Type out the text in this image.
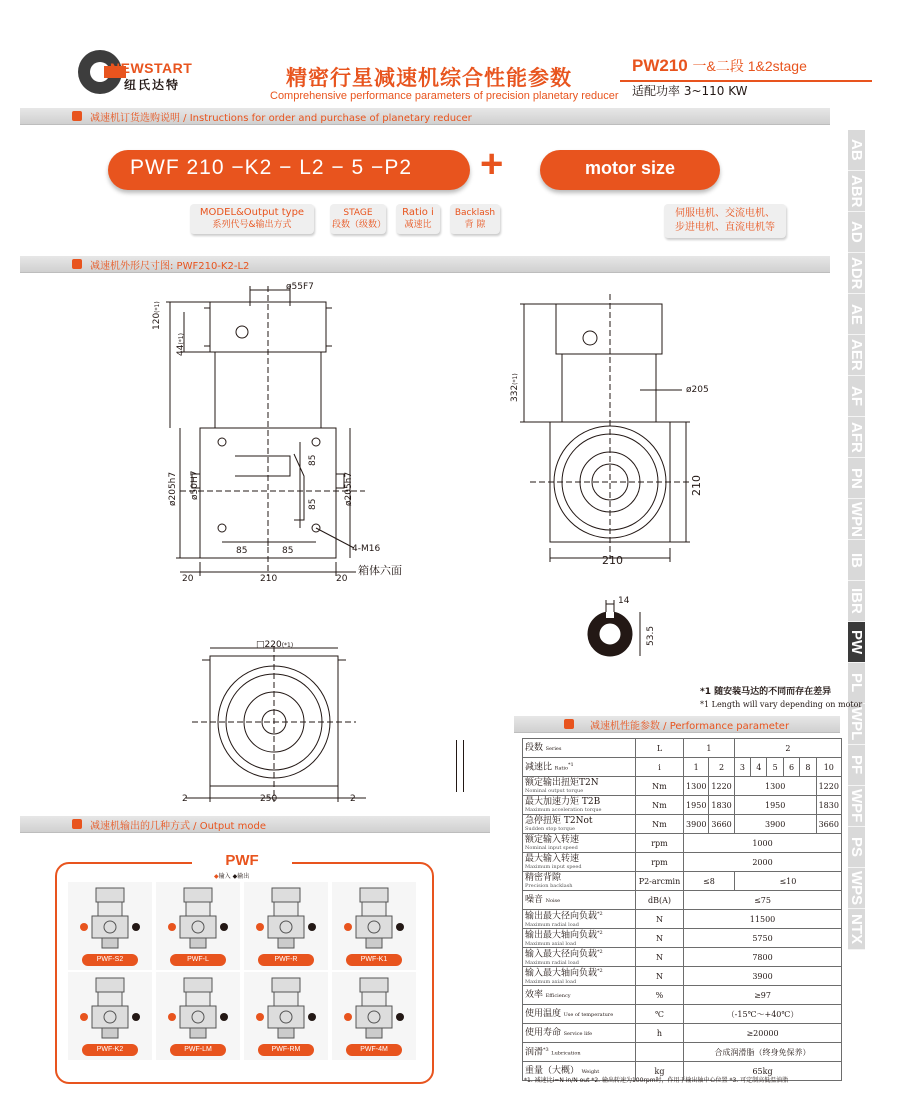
NEWSTART
纽氏达特	精密行星减速机综合性能参数
Comprehensive performance parameters of precision planetary reducer
PW210 一&二段 1&2stage
适配功率 3~110 KW
AB
ABR
AD
ADR
AE
AER
AF
AFR
PN
WPN
IB
IBR
PW
PL
WPL
PF
WPF
PS
WPS
NTX
减速机订货选购说明 / Instructions for order and purchase of planetary reducer
PWF 210 −K2 − L2 − 5 −P2 +	motor size
MODEL&Output type
系列代号&输出方式
STAGE
段数（级数）
Ratio i
减速比
Backlash
背 隙
伺服电机、交流电机、
步进电机、直流电机等
减速机外形尺寸图: PWF210-K2-L2
ø55F7
120(*1)
44(*1)
ø205h7 ø50H7	ø205h7
85
85
85	85	4-M16
箱体六面
20	210	20
332(*1)
ø205
210
210
14
53.5
□220(*1)
2	250	2
*1 随安装马达的不同而存在差异
*1 Length will vary depending on motor
减速机性能参数 / Performance parameter
段数 Series	L	1		2					
减速比 Ratio$^{*1}$	i	1	2	3	4	5	6	8	10
额定输出扭矩T2N
Nominal output torque	Nm	1300	1220	1300					1220
最大加速力矩 T2B
Maximum acceleration torque	Nm	1950	1830	1950					1830
急停扭矩 T2Not
Sudden stop torque	Nm	3900	3660	3900					3660
额定输入转速
Nominal input speed	rpm	1000							
最大输入转速
Maximum input speed	rpm	2000							
精密背隙
Precision backlash	P2-arcmin	≤8		≤10					
噪音 Noise	dB(A)	≤75							
输出最大径向负载$^{*2}$
Maximum radial load	N	11500							
输出最大轴向负载$^{*2}$
Maximum axial load	N	5750							
输入最大径向负载$^{*2}$
Maximum radial load	N	7800							
输入最大轴向负载$^{*2}$
Maximum axial load	N	3900							
效率 Efficiency	%	≥97							
使用温度 Use of temperature	℃	（-15℃～+40℃）							
使用寿命 Service life	h	≥20000							
润滑$^{*3}$ Lubrication		合成润滑脂（终身免保养）							
重量（大概） Weight	kg	65kg							
*1. 减速比i=N in/N out *2. 输出转速为100rpm时，作用于输出轴中心位置 *3. 可定制高低温油脂
减速机输出的几种方式 / Output mode
PWF
◆输入 ◆输出
PWF-S2	PWF-L	PWF-R	PWF-K1
PWF-K2	PWF-LM	PWF-RM	PWF-4M
